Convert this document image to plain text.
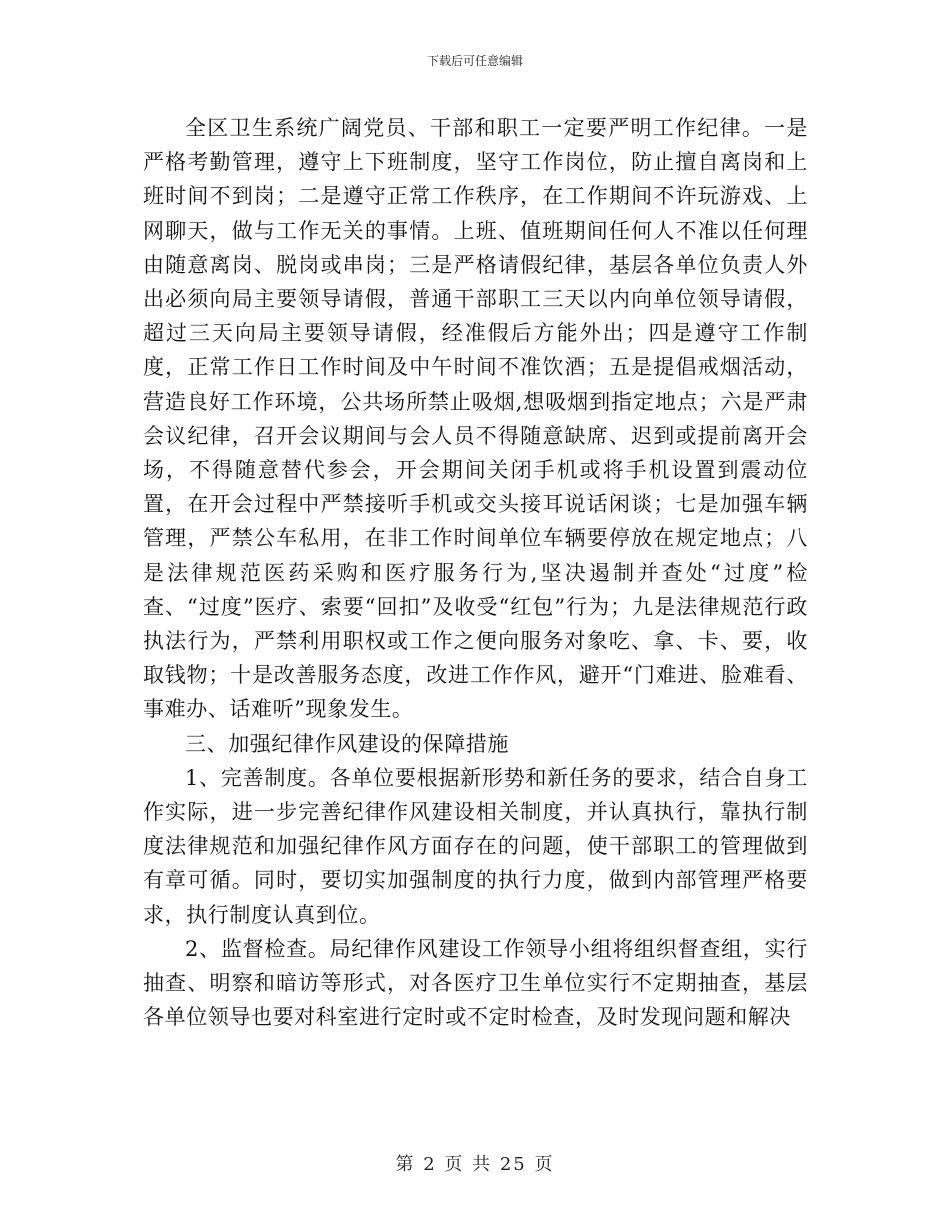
下载后可任意编辑

全区卫生系统广阔党员、干部和职工一定要严明工作纪律。一是严格考勤管理，遵守上下班制度，坚守工作岗位，防止擅自离岗和上班时间不到岗；二是遵守正常工作秩序，在工作期间不许玩游戏、上网聊天，做与工作无关的事情。上班、值班期间任何人不准以任何理由随意离岗、脱岗或串岗；三是严格请假纪律，基层各单位负责人外出必须向局主要领导请假，普通干部职工三天以内向单位领导请假，超过三天向局主要领导请假，经准假后方能外出；四是遵守工作制度，正常工作日工作时间及中午时间不准饮酒；五是提倡戒烟活动，营造良好工作环境，公共场所禁止吸烟,想吸烟到指定地点；六是严肃会议纪律，召开会议期间与会人员不得随意缺席、迟到或提前离开会场，不得随意替代参会，开会期间关闭手机或将手机设置到震动位置，在开会过程中严禁接听手机或交头接耳说话闲谈；七是加强车辆管理，严禁公车私用，在非工作时间单位车辆要停放在规定地点；八是法律规范医药采购和医疗服务行为,坚决遏制并查处“过度”检查、“过度”医疗、索要“回扣”及收受“红包”行为；九是法律规范行政执法行为，严禁利用职权或工作之便向服务对象吃、拿、卡、要，收取钱物；十是改善服务态度，改进工作作风，避开“门难进、脸难看、事难办、话难听”现象发生。

三、加强纪律作风建设的保障措施

1、完善制度。各单位要根据新形势和新任务的要求，结合自身工作实际，进一步完善纪律作风建设相关制度，并认真执行，靠执行制度法律规范和加强纪律作风方面存在的问题，使干部职工的管理做到有章可循。同时，要切实加强制度的执行力度，做到内部管理严格要求，执行制度认真到位。

2、监督检查。局纪律作风建设工作领导小组将组织督查组，实行抽查、明察和暗访等形式，对各医疗卫生单位实行不定期抽查，基层各单位领导也要对科室进行定时或不定时检查，及时发现问题和解决

第 2 页 共 25 页
